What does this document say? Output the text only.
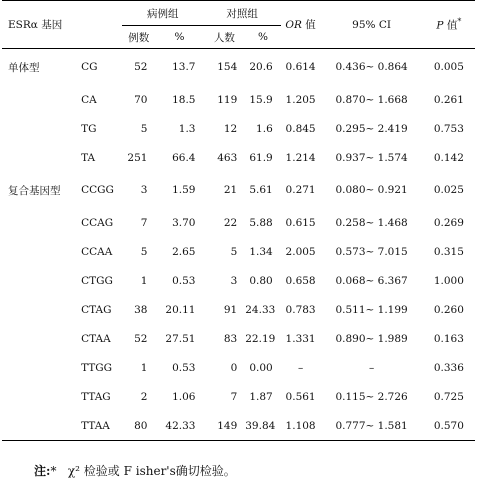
ESRα 基因		病例组		对照组		OR 值	95% CI	P 值*
		例数	%	人数	%			
单体型	CG	52	13.7	154	20.6	0.614	0.436~ 0.864	0.005
	CA	70	18.5	119	15.9	1.205	0.870~ 1.668	0.261
	TG	5	1.3	12	1.6	0.845	0.295~ 2.419	0.753
	TA	251	66.4	463	61.9	1.214	0.937~ 1.574	0.142
复合基因型	CCGG	3	1.59	21	5.61	0.271	0.080~ 0.921	0.025
	CCAG	7	3.70	22	5.88	0.615	0.258~ 1.468	0.269
	CCAA	5	2.65	5	1.34	2.005	0.573~ 7.015	0.315
	CTGG	1	0.53	3	0.80	0.658	0.068~ 6.367	1.000
	CTAG	38	20.11	91	24.33	0.783	0.511~ 1.199	0.260
	CTAA	52	27.51	83	22.19	1.331	0.890~ 1.989	0.163
	TTGG	1	0.53	0	0.00	–	–	0.336
	TTAG	2	1.06	7	1.87	0.561	0.115~ 2.726	0.725
	TTAA	80	42.33	149	39.84	1.108	0.777~ 1.581	0.570
注:* χ² 检验或 F isher's确切检验。
